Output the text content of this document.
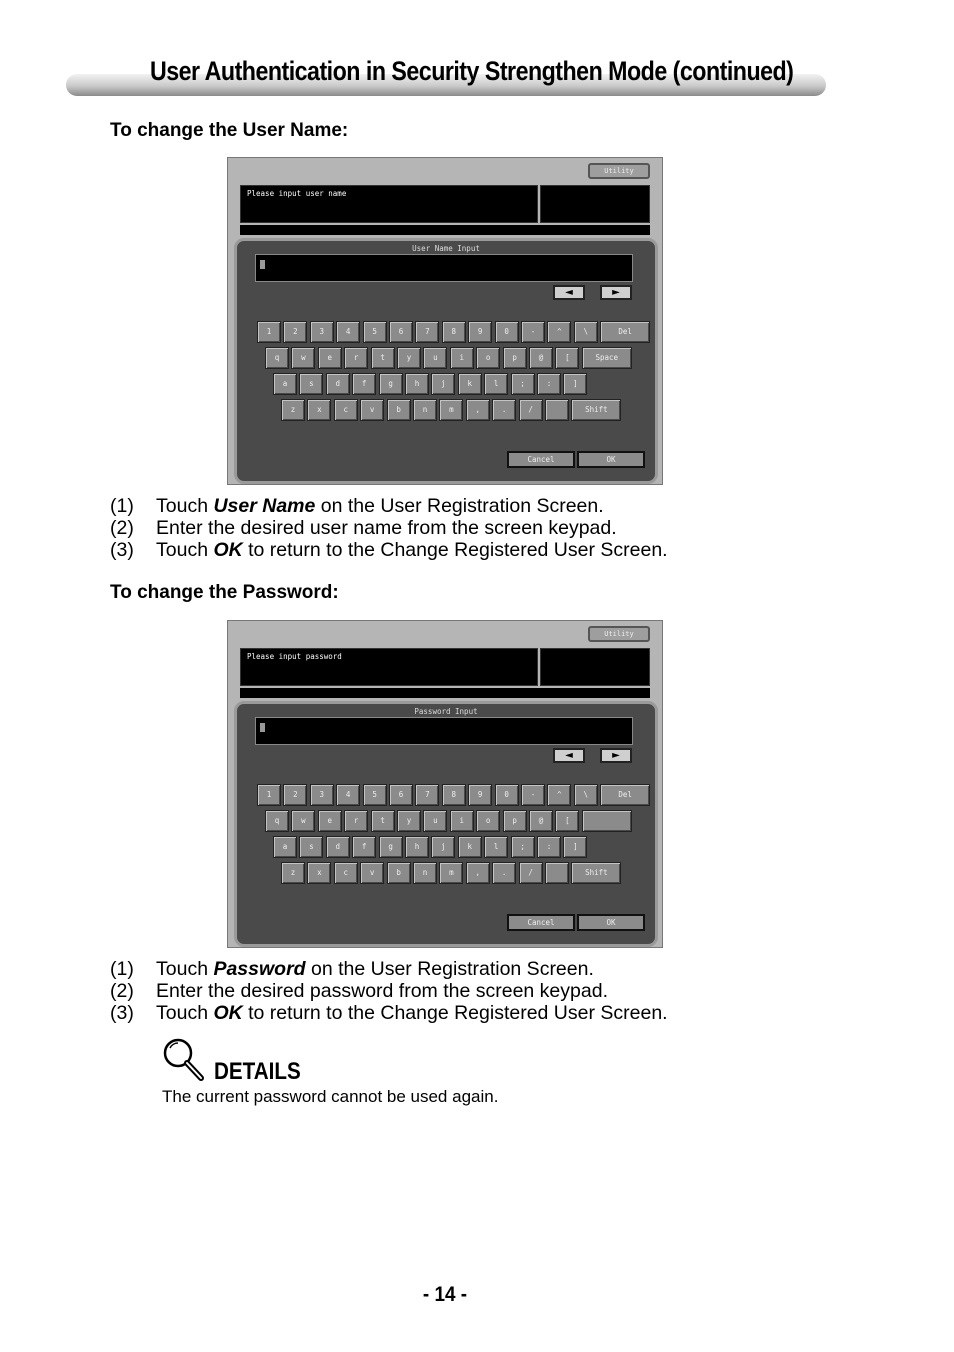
User Authentication in Security Strengthen Mode (continued)
To change the User Name:
Utility
Please input user name
User Name Input
◄	►
1	2	3	4	5	6	7	8	9	0	-	^	\	Del
q	w	e	r	t	y	u	i	o	p	@	[	Space
a	s	d	f	g	h	j	k	l	;	:	]
z	x	c	v	b	n	m	,	.	/	Shift
Cancel	OK
(1)	Touch User Name on the User Registration Screen.
(2)	Enter the desired user name from the screen keypad.
(3)	Touch OK to return to the Change Registered User Screen.
To change the Password:
Utility
Please input password
Password Input
◄	►
1	2	3	4	5	6	7	8	9	0	-	^	\	Del
q	w	e	r	t	y	u	i	o	p	@	[
a	s	d	f	g	h	j	k	l	;	:	]
z	x	c	v	b	n	m	,	.	/	Shift
Cancel	OK
(1)	Touch Password on the User Registration Screen.
(2)	Enter the desired password from the screen keypad.
(3)	Touch OK to return to the Change Registered User Screen.
DETAILS
The current password cannot be used again.
- 14 -
